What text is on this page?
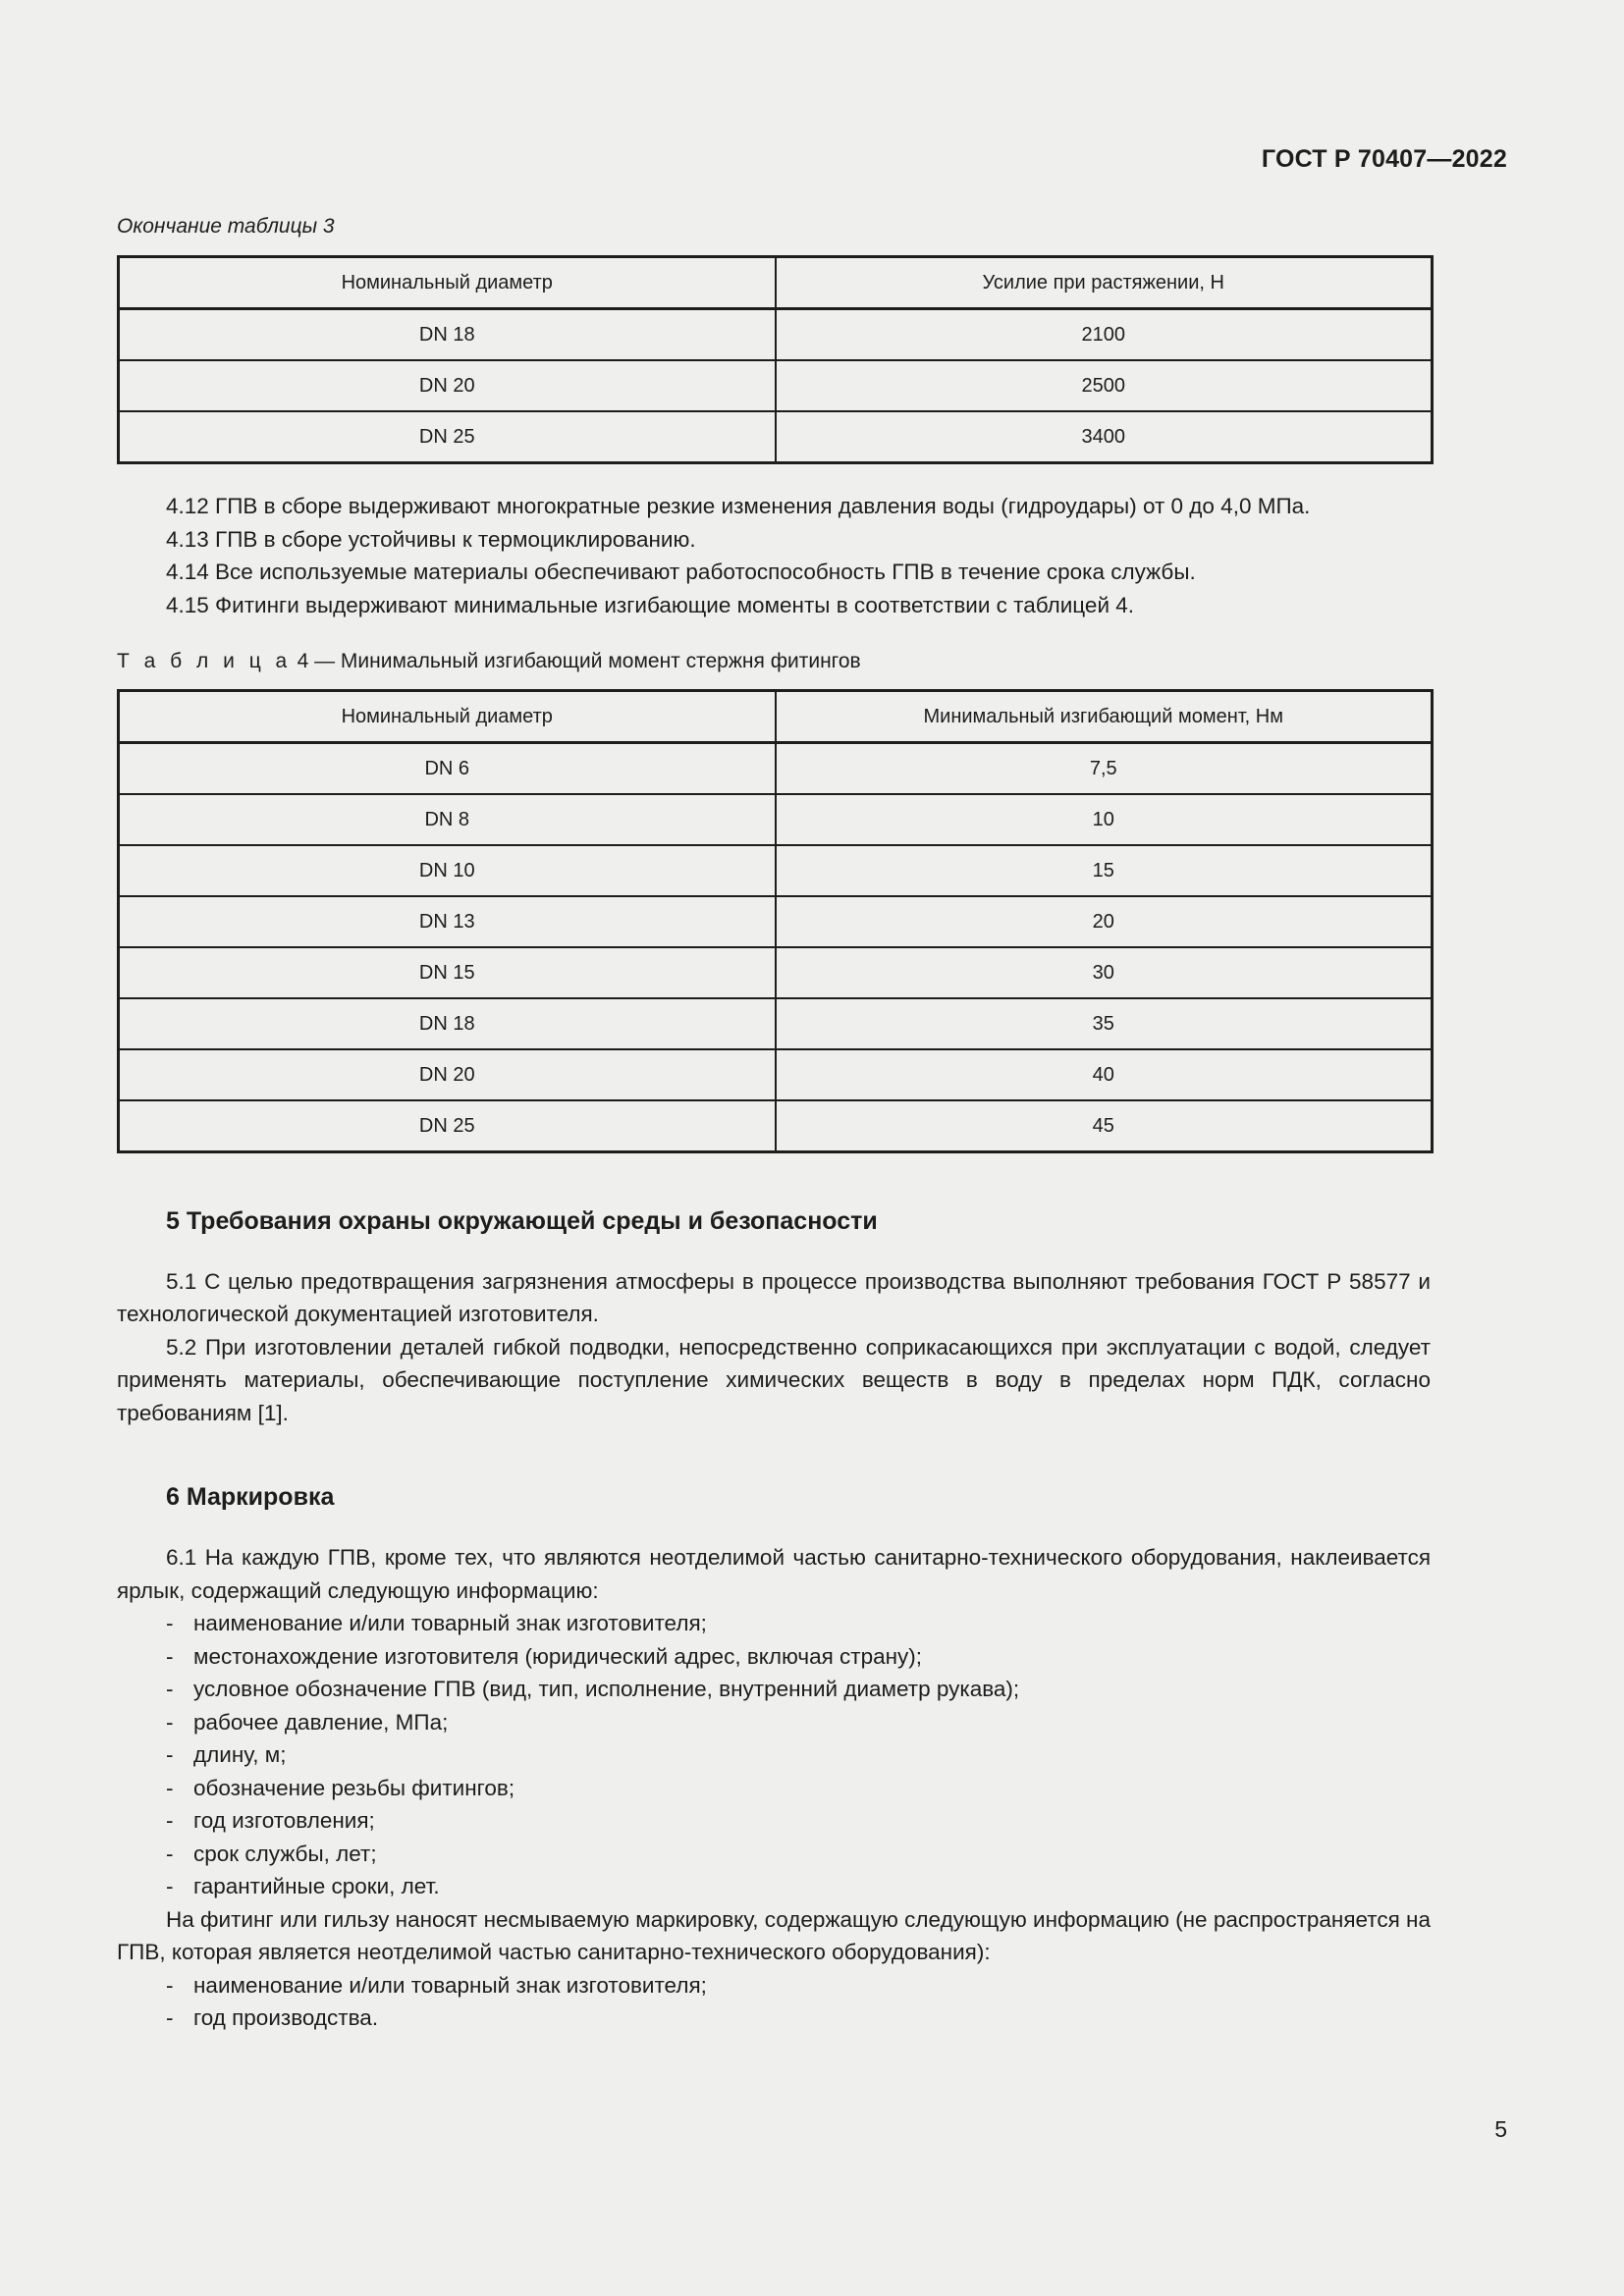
ГОСТ Р 70407—2022
Окончание таблицы 3
Номинальный диаметр	Усилие при растяжении, Н
DN 18	2100
DN 20	2500
DN 25	3400

4.12 ГПВ в сборе выдерживают многократные резкие изменения давления воды (гидроудары) от 0 до 4,0 МПа.

4.13 ГПВ в сборе устойчивы к термоциклированию.

4.14 Все используемые материалы обеспечивают работоспособность ГПВ в течение срока службы.

4.15 Фитинги выдерживают минимальные изгибающие моменты в соответствии с таблицей 4.

Т а б л и ц а 4 — Минимальный изгибающий момент стержня фитингов
Номинальный диаметр	Минимальный изгибающий момент, Нм
DN 6	7,5
DN 8	10
DN 10	15
DN 13	20
DN 15	30
DN 18	35
DN 20	40
DN 25	45
5 Требования охраны окружающей среды и безопасности

5.1 С целью предотвращения загрязнения атмосферы в процессе производства выполняют требования ГОСТ Р 58577 и технологической документацией изготовителя.

5.2 При изготовлении деталей гибкой подводки, непосредственно соприкасающихся при эксплуатации с водой, следует применять материалы, обеспечивающие поступление химических веществ в воду в пределах норм ПДК, согласно требованиям [1].

6 Маркировка

6.1 На каждую ГПВ, кроме тех, что являются неотделимой частью санитарно-технического оборудования, наклеивается ярлык, содержащий следующую информацию:

- наименование и/или товарный знак изготовителя;
- местонахождение изготовителя (юридический адрес, включая страну);
- условное обозначение ГПВ (вид, тип, исполнение, внутренний диаметр рукава);
- рабочее давление, МПа;
- длину, м;
- обозначение резьбы фитингов;
- год изготовления;
- срок службы, лет;
- гарантийные сроки, лет.

На фитинг или гильзу наносят несмываемую маркировку, содержащую следующую информацию (не распространяется на ГПВ, которая является неотделимой частью санитарно-технического оборудования):

- наименование и/или товарный знак изготовителя;
- год производства.
5
